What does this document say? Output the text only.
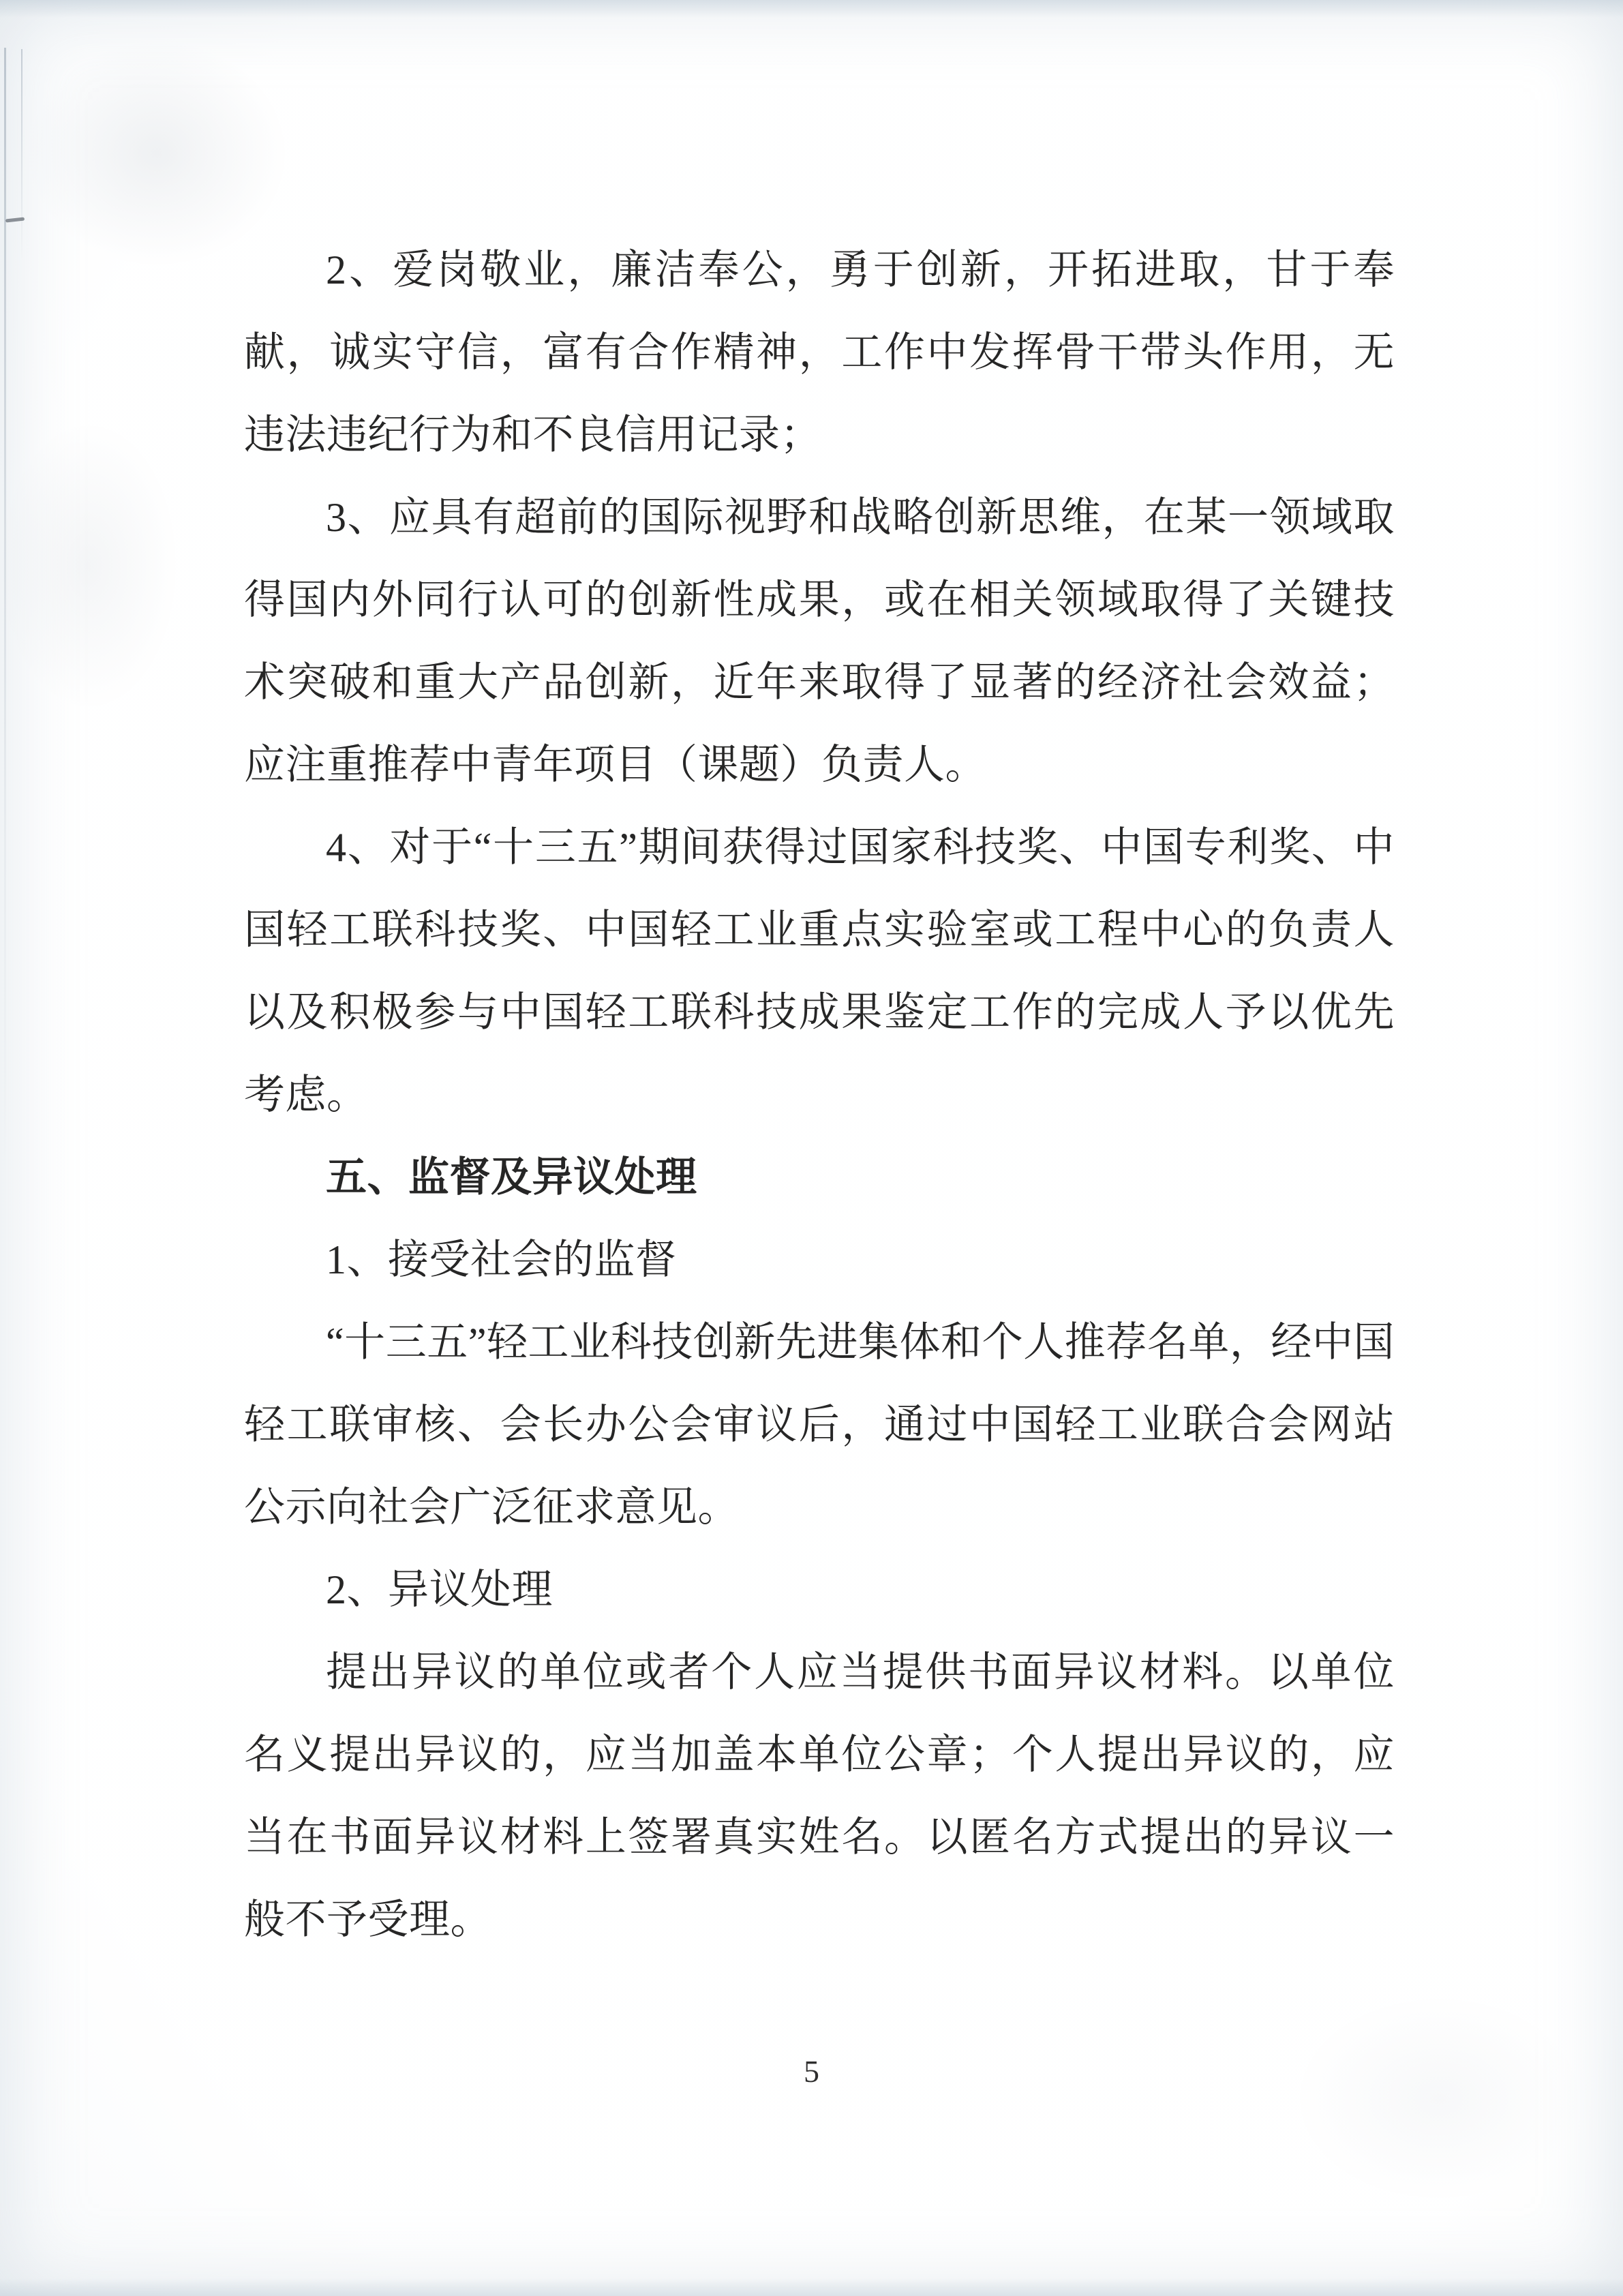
2、爱岗敬业，廉洁奉公，勇于创新，开拓进取，甘于奉献，诚实守信，富有合作精神，工作中发挥骨干带头作用，无违法违纪行为和不良信用记录；

3、应具有超前的国际视野和战略创新思维，在某一领域取得国内外同行认可的创新性成果，或在相关领域取得了关键技术突破和重大产品创新，近年来取得了显著的经济社会效益；应注重推荐中青年项目（课题）负责人。

4、对于“十三五”期间获得过国家科技奖、中国专利奖、中国轻工联科技奖、中国轻工业重点实验室或工程中心的负责人以及积极参与中国轻工联科技成果鉴定工作的完成人予以优先考虑。

五、监督及异议处理

1、接受社会的监督

“十三五”轻工业科技创新先进集体和个人推荐名单，经中国轻工联审核、会长办公会审议后，通过中国轻工业联合会网站公示向社会广泛征求意见。

2、异议处理

提出异议的单位或者个人应当提供书面异议材料。以单位名义提出异议的，应当加盖本单位公章；个人提出异议的，应当在书面异议材料上签署真实姓名。以匿名方式提出的异议一般不予受理。

5
